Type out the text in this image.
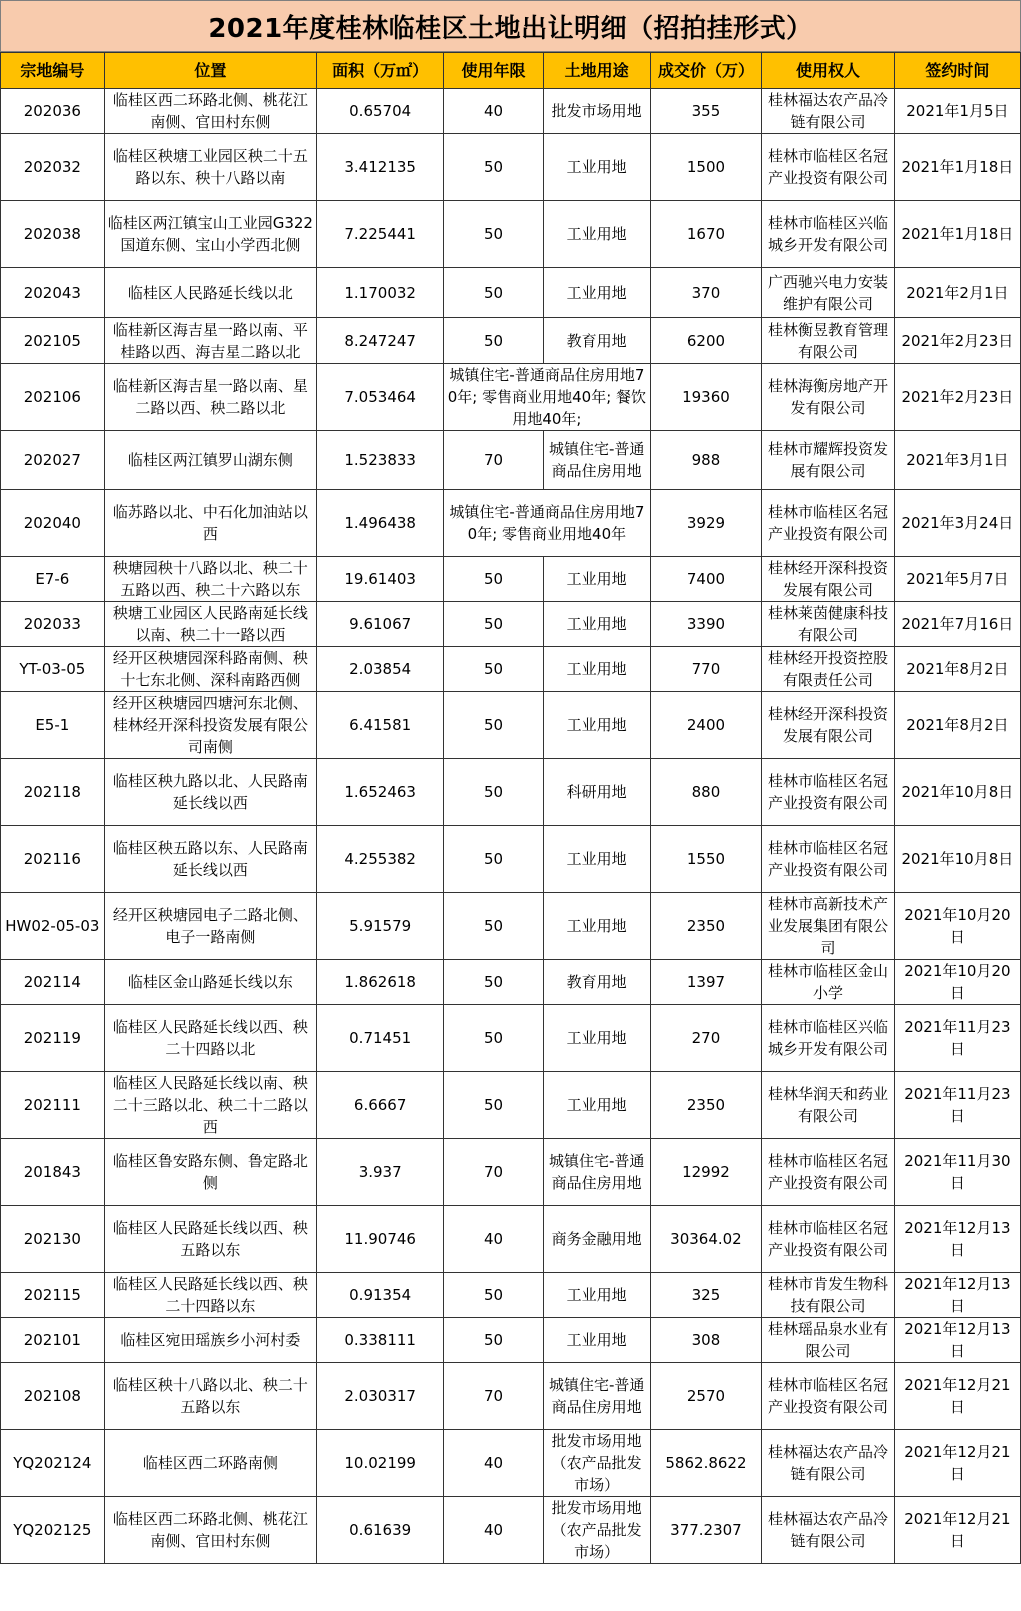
2021年度桂林临桂区土地出让明细（招拍挂形式）
宗地编号	位置	面积（万㎡）	使用年限	土地用途	成交价（万）	使用权人	签约时间
202036	临桂区西二环路北侧、桃花江南侧、官田村东侧	0.65704	40	批发市场用地	355	桂林福达农产品冷链有限公司	2021年1月5日
202032	临桂区秧塘工业园区秧二十五路以东、秧十八路以南	3.412135	50	工业用地	1500	桂林市临桂区名冠产业投资有限公司	2021年1月18日
202038	临桂区两江镇宝山工业园G322国道东侧、宝山小学西北侧	7.225441	50	工业用地	1670	桂林市临桂区兴临城乡开发有限公司	2021年1月18日
202043	临桂区人民路延长线以北	1.170032	50	工业用地	370	广西驰兴电力安装维护有限公司	2021年2月1日
202105	临桂新区海吉星一路以南、平桂路以西、海吉星二路以北	8.247247	50	教育用地	6200	桂林衡昱教育管理有限公司	2021年2月23日
202106	临桂新区海吉星一路以南、星二路以西、秧二路以北	7.053464	城镇住宅-普通商品住房用地70年; 零售商业用地40年; 餐饮用地40年;		19360	桂林海衡房地产开发有限公司	2021年2月23日
202027	临桂区两江镇罗山湖东侧	1.523833	70	城镇住宅-普通商品住房用地	988	桂林市耀辉投资发展有限公司	2021年3月1日
202040	临苏路以北、中石化加油站以西	1.496438	城镇住宅-普通商品住房用地70年; 零售商业用地40年		3929	桂林市临桂区名冠产业投资有限公司	2021年3月24日
E7-6	秧塘园秧十八路以北、秧二十五路以西、秧二十六路以东	19.61403	50	工业用地	7400	桂林经开深科投资发展有限公司	2021年5月7日
202033	秧塘工业园区人民路南延长线以南、秧二十一路以西	9.61067	50	工业用地	3390	桂林莱茵健康科技有限公司	2021年7月16日
YT-03-05	经开区秧塘园深科路南侧、秧十七东北侧、深科南路西侧	2.03854	50	工业用地	770	桂林经开投资控股有限责任公司	2021年8月2日
E5-1	经开区秧塘园四塘河东北侧、桂林经开深科投资发展有限公司南侧	6.41581	50	工业用地	2400	桂林经开深科投资发展有限公司	2021年8月2日
202118	临桂区秧九路以北、人民路南延长线以西	1.652463	50	科研用地	880	桂林市临桂区名冠产业投资有限公司	2021年10月8日
202116	临桂区秧五路以东、人民路南延长线以西	4.255382	50	工业用地	1550	桂林市临桂区名冠产业投资有限公司	2021年10月8日
HW02-05-03	经开区秧塘园电子二路北侧、电子一路南侧	5.91579	50	工业用地	2350	桂林市高新技术产业发展集团有限公司	2021年10月20日
202114	临桂区金山路延长线以东	1.862618	50	教育用地	1397	桂林市临桂区金山小学	2021年10月20日
202119	临桂区人民路延长线以西、秧二十四路以北	0.71451	50	工业用地	270	桂林市临桂区兴临城乡开发有限公司	2021年11月23日
202111	临桂区人民路延长线以南、秧二十三路以北、秧二十二路以西	6.6667	50	工业用地	2350	桂林华润天和药业有限公司	2021年11月23日
201843	临桂区鲁安路东侧、鲁定路北侧	3.937	70	城镇住宅-普通商品住房用地	12992	桂林市临桂区名冠产业投资有限公司	2021年11月30日
202130	临桂区人民路延长线以西、秧五路以东	11.90746	40	商务金融用地	30364.02	桂林市临桂区名冠产业投资有限公司	2021年12月13日
202115	临桂区人民路延长线以西、秧二十四路以东	0.91354	50	工业用地	325	桂林市肯发生物科技有限公司	2021年12月13日
202101	临桂区宛田瑶族乡小河村委	0.338111	50	工业用地	308	桂林瑶品泉水业有限公司	2021年12月13日
202108	临桂区秧十八路以北、秧二十五路以东	2.030317	70	城镇住宅-普通商品住房用地	2570	桂林市临桂区名冠产业投资有限公司	2021年12月21日
YQ202124	临桂区西二环路南侧	10.02199	40	批发市场用地（农产品批发市场）	5862.8622	桂林福达农产品冷链有限公司	2021年12月21日
YQ202125	临桂区西二环路北侧、桃花江南侧、官田村东侧	0.61639	40	批发市场用地（农产品批发市场）	377.2307	桂林福达农产品冷链有限公司	2021年12月21日
